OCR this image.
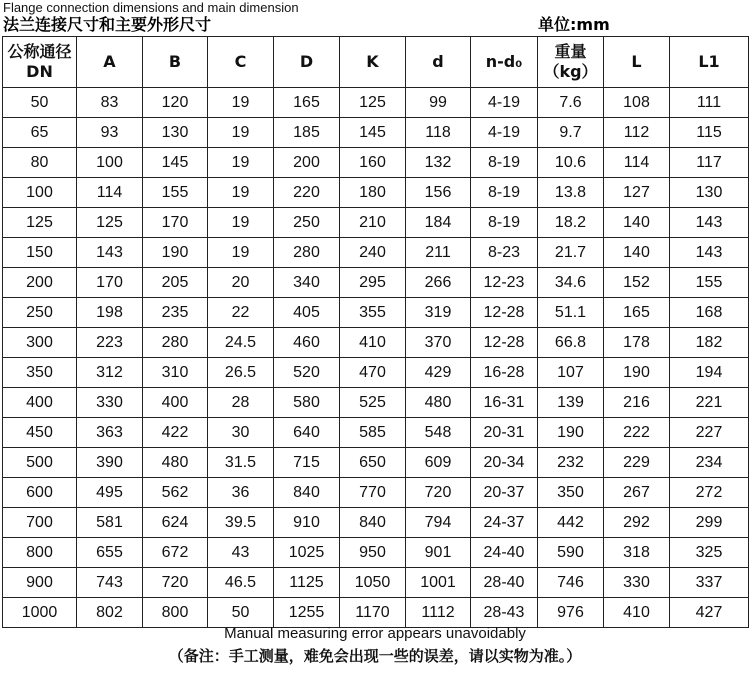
Flange connection dimensions and main dimension
法兰连接尺寸和主要外形尺寸	单位:mm
公称通径DN	A	B	C	D	K	d	n-d₀	重量（kg）	L	L1
50	83	120	19	165	125	99	4-19	7.6	108	111
65	93	130	19	185	145	118	4-19	9.7	112	115
80	100	145	19	200	160	132	8-19	10.6	114	117
100	114	155	19	220	180	156	8-19	13.8	127	130
125	125	170	19	250	210	184	8-19	18.2	140	143
150	143	190	19	280	240	211	8-23	21.7	140	143
200	170	205	20	340	295	266	12-23	34.6	152	155
250	198	235	22	405	355	319	12-28	51.1	165	168
300	223	280	24.5	460	410	370	12-28	66.8	178	182
350	312	310	26.5	520	470	429	16-28	107	190	194
400	330	400	28	580	525	480	16-31	139	216	221
450	363	422	30	640	585	548	20-31	190	222	227
500	390	480	31.5	715	650	609	20-34	232	229	234
600	495	562	36	840	770	720	20-37	350	267	272
700	581	624	39.5	910	840	794	24-37	442	292	299
800	655	672	43	1025	950	901	24-40	590	318	325
900	743	720	46.5	1125	1050	1001	28-40	746	330	337
1000	802	800	50	1255	1170	1112	28-43	976	410	427
Manual measuring error appears unavoidably
（备注：手工测量，难免会出现一些的误差，请以实物为准。）
